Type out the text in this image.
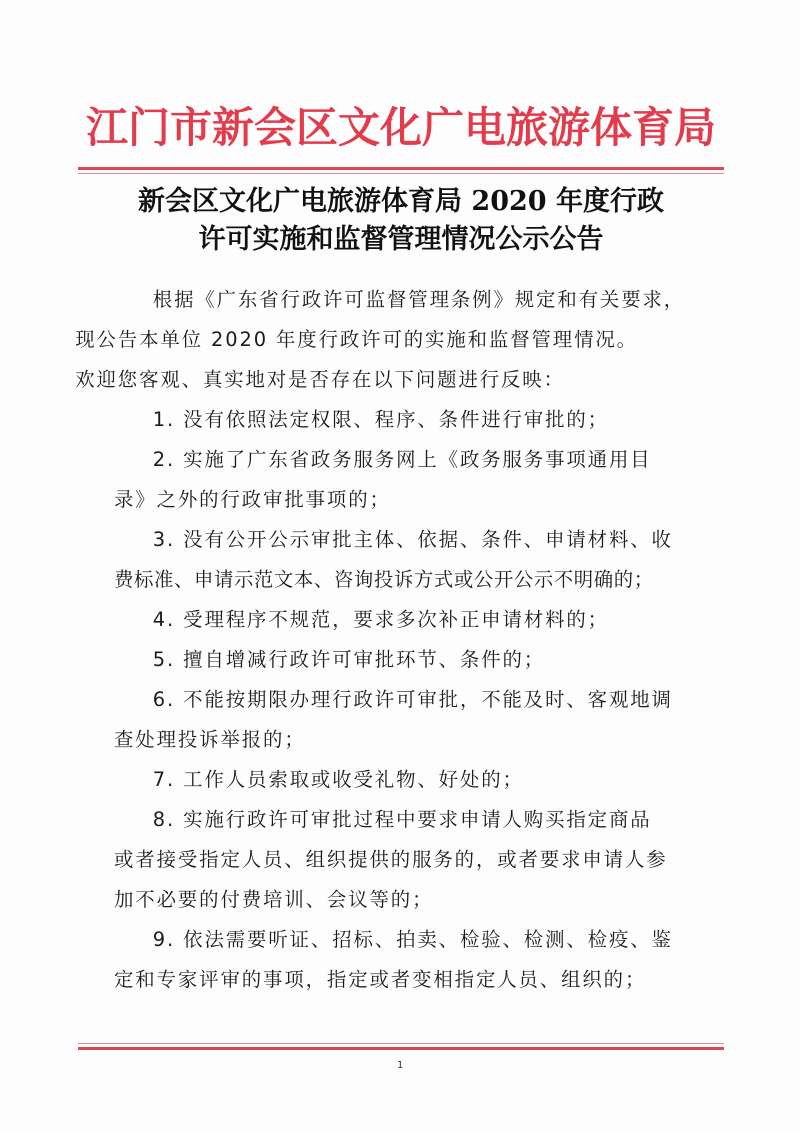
江门市新会区文化广电旅游体育局
新会区文化广电旅游体育局 2020 年度行政
许可实施和监督管理情况公示公告

根据《广东省行政许可监督管理条例》规定和有关要求，
现公告本单位 2020 年度行政许可的实施和监督管理情况。
欢迎您客观、真实地对是否存在以下问题进行反映：

1. 没有依照法定权限、程序、条件进行审批的；

2. 实施了广东省政务服务网上《政务服务事项通用目
录》之外的行政审批事项的；

3. 没有公开公示审批主体、依据、条件、申请材料、收
费标准、申请示范文本、咨询投诉方式或公开公示不明确的；

4. 受理程序不规范，要求多次补正申请材料的；

5. 擅自增减行政许可审批环节、条件的；

6. 不能按期限办理行政许可审批，不能及时、客观地调
查处理投诉举报的；

7. 工作人员索取或收受礼物、好处的；

8. 实施行政许可审批过程中要求申请人购买指定商品
或者接受指定人员、组织提供的服务的，或者要求申请人参
加不必要的付费培训、会议等的；

9. 依法需要听证、招标、拍卖、检验、检测、检疫、鉴
定和专家评审的事项，指定或者变相指定人员、组织的；

1
